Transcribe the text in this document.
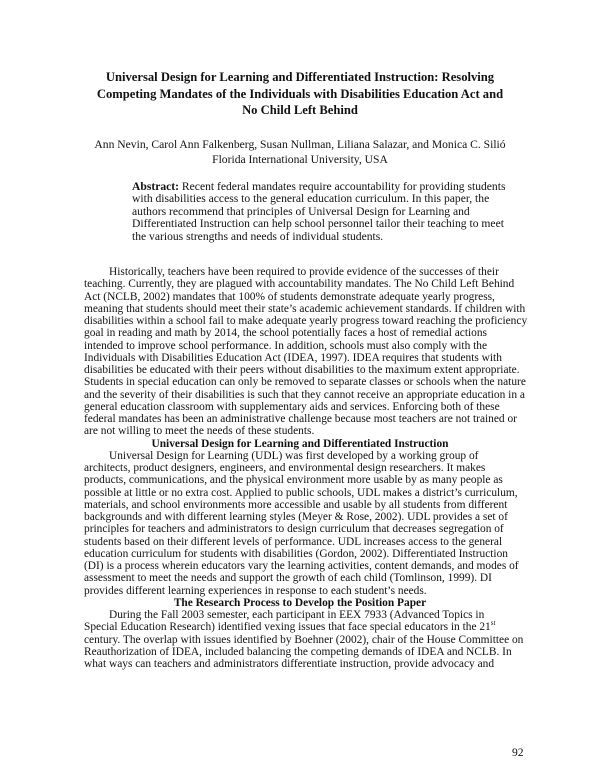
Universal Design for Learning and Differentiated Instruction: Resolving
Competing Mandates of the Individuals with Disabilities Education Act and
No Child Left Behind
Ann Nevin, Carol Ann Falkenberg, Susan Nullman, Liliana Salazar, and Monica C. Silió
Florida International University, USA
Abstract: Recent federal mandates require accountability for providing students
with disabilities access to the general education curriculum. In this paper, the
authors recommend that principles of Universal Design for Learning and
Differentiated Instruction can help school personnel tailor their teaching to meet
the various strengths and needs of individual students.

Historically, teachers have been required to provide evidence of the successes of their

teaching. Currently, they are plagued with accountability mandates. The No Child Left Behind
Act (NCLB, 2002) mandates that 100% of students demonstrate adequate yearly progress,
meaning that students should meet their state’s academic achievement standards. If children with
disabilities within a school fail to make adequate yearly progress toward reaching the proficiency
goal in reading and math by 2014, the school potentially faces a host of remedial actions
intended to improve school performance. In addition, schools must also comply with the
Individuals with Disabilities Education Act (IDEA, 1997). IDEA requires that students with
disabilities be educated with their peers without disabilities to the maximum extent appropriate.
Students in special education can only be removed to separate classes or schools when the nature
and the severity of their disabilities is such that they cannot receive an appropriate education in a
general education classroom with supplementary aids and services. Enforcing both of these
federal mandates has been an administrative challenge because most teachers are not trained or
are not willing to meet the needs of these students.
Universal Design for Learning and Differentiated Instruction

Universal Design for Learning (UDL) was first developed by a working group of

architects, product designers, engineers, and environmental design researchers. It makes
products, communications, and the physical environment more usable by as many people as
possible at little or no extra cost. Applied to public schools, UDL makes a district’s curriculum,
materials, and school environments more accessible and usable by all students from different
backgrounds and with different learning styles (Meyer & Rose, 2002). UDL provides a set of
principles for teachers and administrators to design curriculum that decreases segregation of
students based on their different levels of performance. UDL increases access to the general
education curriculum for students with disabilities (Gordon, 2002). Differentiated Instruction
(DI) is a process wherein educators vary the learning activities, content demands, and modes of
assessment to meet the needs and support the growth of each child (Tomlinson, 1999). DI
provides different learning experiences in response to each student’s needs.
The Research Process to Develop the Position Paper

During the Fall 2003 semester, each participant in EEX 7933 (Advanced Topics in

Special Education Research) identified vexing issues that face special educators in the 21st
century. The overlap with issues identified by Boehner (2002), chair of the House Committee on
Reauthorization of IDEA, included balancing the competing demands of IDEA and NCLB. In
what ways can teachers and administrators differentiate instruction, provide advocacy and
92
